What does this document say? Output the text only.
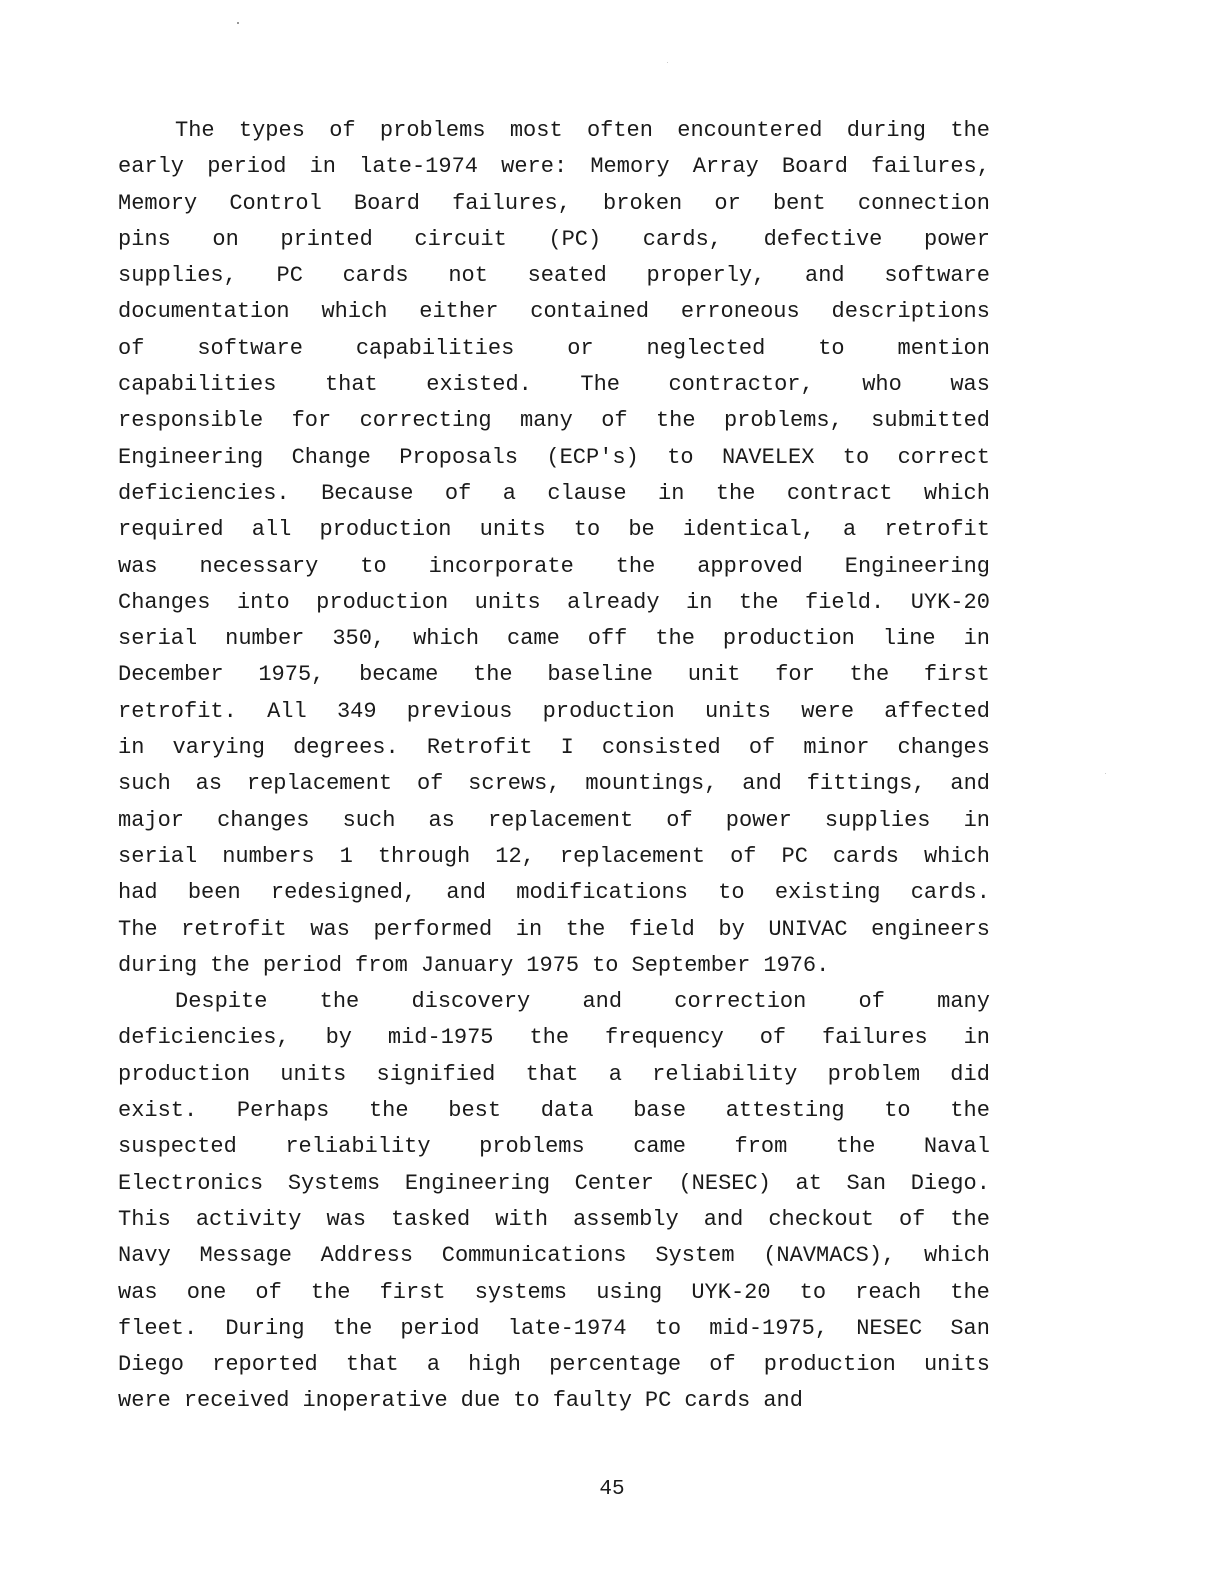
The types of problems most often encountered during the
early period in late-1974 were: Memory Array Board failures,
Memory Control Board failures, broken or bent connection
pins on printed circuit (PC) cards, defective power
supplies, PC cards not seated properly, and software
documentation which either contained erroneous descriptions
of software capabilities or neglected to mention
capabilities that existed. The contractor, who was
responsible for correcting many of the problems, submitted
Engineering Change Proposals (ECP's) to NAVELEX to correct
deficiencies. Because of a clause in the contract which
required all production units to be identical, a retrofit
was necessary to incorporate the approved Engineering
Changes into production units already in the field. UYK-20
serial number 350, which came off the production line in
December 1975, became the baseline unit for the first
retrofit. All 349 previous production units were affected
in varying degrees. Retrofit I consisted of minor changes
such as replacement of screws, mountings, and fittings, and
major changes such as replacement of power supplies in
serial numbers 1 through 12, replacement of PC cards which
had been redesigned, and modifications to existing cards.
The retrofit was performed in the field by UNIVAC engineers
during the period from January 1975 to September 1976.
Despite the discovery and correction of many
deficiencies, by mid-1975 the frequency of failures in
production units signified that a reliability problem did
exist. Perhaps the best data base attesting to the
suspected reliability problems came from the Naval
Electronics Systems Engineering Center (NESEC) at San Diego.
This activity was tasked with assembly and checkout of the
Navy Message Address Communications System (NAVMACS), which
was one of the first systems using UYK-20 to reach the
fleet. During the period late-1974 to mid-1975, NESEC San
Diego reported that a high percentage of production units
were received inoperative due to faulty PC cards and
45
